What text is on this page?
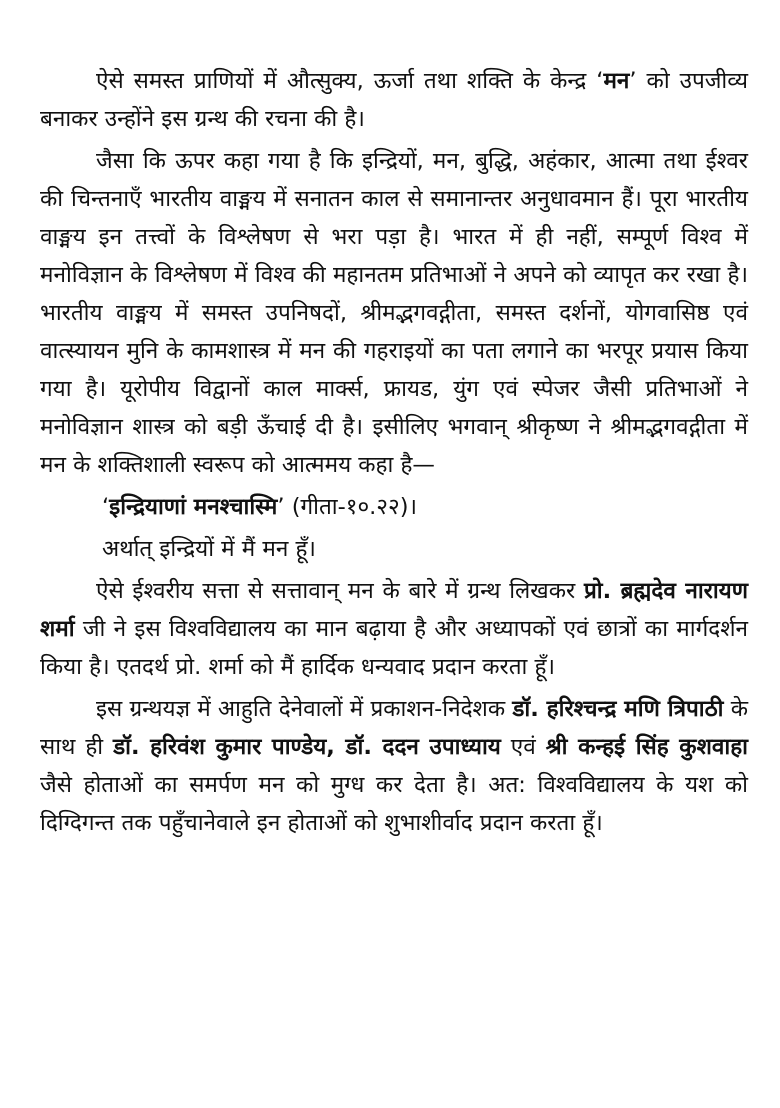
ऐसे समस्त प्राणियों में औत्सुक्य, ऊर्जा तथा शक्ति के केन्द्र ‘मन’ को उपजीव्य बनाकर उन्होंने इस ग्रन्थ की रचना की है।

जैसा कि ऊपर कहा गया है कि इन्द्रियों, मन, बुद्धि, अहंकार, आत्मा तथा ईश्वर की चिन्तनाएँ भारतीय वाङ्मय में सनातन काल से समानान्तर अनुधावमान हैं। पूरा भारतीय वाङ्मय इन तत्त्वों के विश्लेषण से भरा पड़ा है। भारत में ही नहीं, सम्पूर्ण विश्व में मनोविज्ञान के विश्लेषण में विश्व की महानतम प्रतिभाओं ने अपने को व्यापृत कर रखा है। भारतीय वाङ्मय में समस्त उपनिषदों, श्रीमद्भगवद्गीता, समस्त दर्शनों, योगवासिष्ठ एवं वात्स्यायन मुनि के कामशास्त्र में मन की गहराइयों का पता लगाने का भरपूर प्रयास किया गया है। यूरोपीय विद्वानों काल मार्क्स, फ्रायड, युंग एवं स्पेजर जैसी प्रतिभाओं ने मनोविज्ञान शास्त्र को बड़ी ऊँचाई दी है। इसीलिए भगवान् श्रीकृष्ण ने श्रीमद्भगवद्गीता में मन के शक्तिशाली स्वरूप को आत्ममय कहा है—

‘इन्द्रियाणां मनश्चास्मि’ (गीता-१०.२२)।

अर्थात् इन्द्रियों में मैं मन हूँ।

ऐसे ईश्वरीय सत्ता से सत्तावान् मन के बारे में ग्रन्थ लिखकर प्रो. ब्रह्मदेव नारायण शर्मा जी ने इस विश्वविद्यालय का मान बढ़ाया है और अध्यापकों एवं छात्रों का मार्गदर्शन किया है। एतदर्थ प्रो. शर्मा को मैं हार्दिक धन्यवाद प्रदान करता हूँ।

इस ग्रन्थयज्ञ में आहुति देनेवालों में प्रकाशन-निदेशक डॉ. हरिश्चन्द्र मणि त्रिपाठी के साथ ही डॉ. हरिवंश कुमार पाण्डेय, डॉ. ददन उपाध्याय एवं श्री कन्हई सिंह कुशवाहा जैसे होताओं का समर्पण मन को मुग्ध कर देता है। अत: विश्वविद्यालय के यश को दिग्दिगन्त तक पहुँचानेवाले इन होताओं को शुभाशीर्वाद प्रदान करता हूँ।
